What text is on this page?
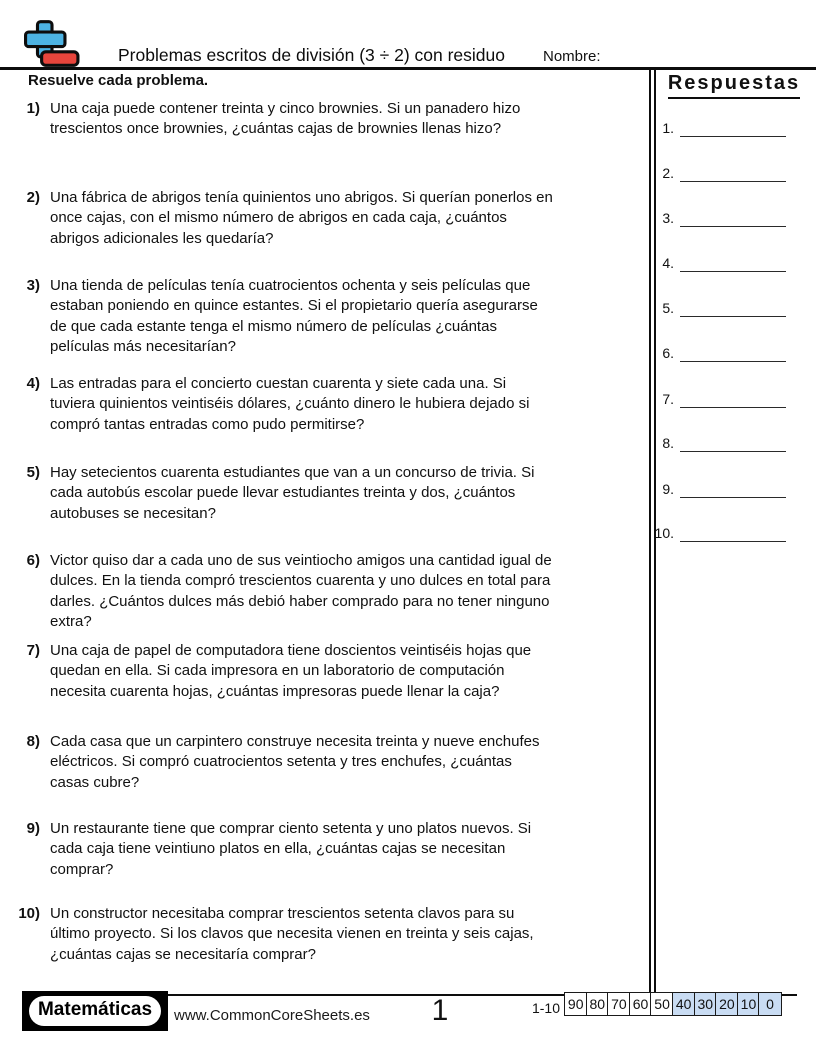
Problemas escritos de división (3 ÷ 2) con residuo	Nombre:
Resuelve cada problema.
1) Una caja puede contener treinta y cinco brownies. Si un panadero hizo trescientos once brownies, ¿cuántas cajas de brownies llenas hizo?
2) Una fábrica de abrigos tenía quinientos uno abrigos. Si querían ponerlos en once cajas, con el mismo número de abrigos en cada caja, ¿cuántos abrigos adicionales les quedaría?
3) Una tienda de películas tenía cuatrocientos ochenta y seis películas que estaban poniendo en quince estantes. Si el propietario quería asegurarse de que cada estante tenga el mismo número de películas ¿cuántas películas más necesitarían?
4) Las entradas para el concierto cuestan cuarenta y siete cada una. Si tuviera quinientos veintiséis dólares, ¿cuánto dinero le hubiera dejado si compró tantas entradas como pudo permitirse?
5) Hay setecientos cuarenta estudiantes que van a un concurso de trivia. Si cada autobús escolar puede llevar estudiantes treinta y dos, ¿cuántos autobuses se necesitan?
6) Victor quiso dar a cada uno de sus veintiocho amigos una cantidad igual de dulces. En la tienda compró trescientos cuarenta y uno dulces en total para darles. ¿Cuántos dulces más debió haber comprado para no tener ninguno extra?
7) Una caja de papel de computadora tiene doscientos veintiséis hojas que quedan en ella. Si cada impresora en un laboratorio de computación necesita cuarenta hojas, ¿cuántas impresoras puede llenar la caja?
8) Cada casa que un carpintero construye necesita treinta y nueve enchufes eléctricos. Si compró cuatrocientos setenta y tres enchufes, ¿cuántas casas cubre?
9) Un restaurante tiene que comprar ciento setenta y uno platos nuevos. Si cada caja tiene veintiuno platos en ella, ¿cuántas cajas se necesitan comprar?
10) Un constructor necesitaba comprar trescientos setenta clavos para su último proyecto. Si los clavos que necesita vienen en treinta y seis cajas, ¿cuántas cajas se necesitaría comprar?
Respuestas
1.
2.
3.
4.
5.
6.
7.
8.
9.
10.
Matemáticas	www.CommonCoreSheets.es	1	1-10 90 80 70 60 50 40 30 20 10 0
